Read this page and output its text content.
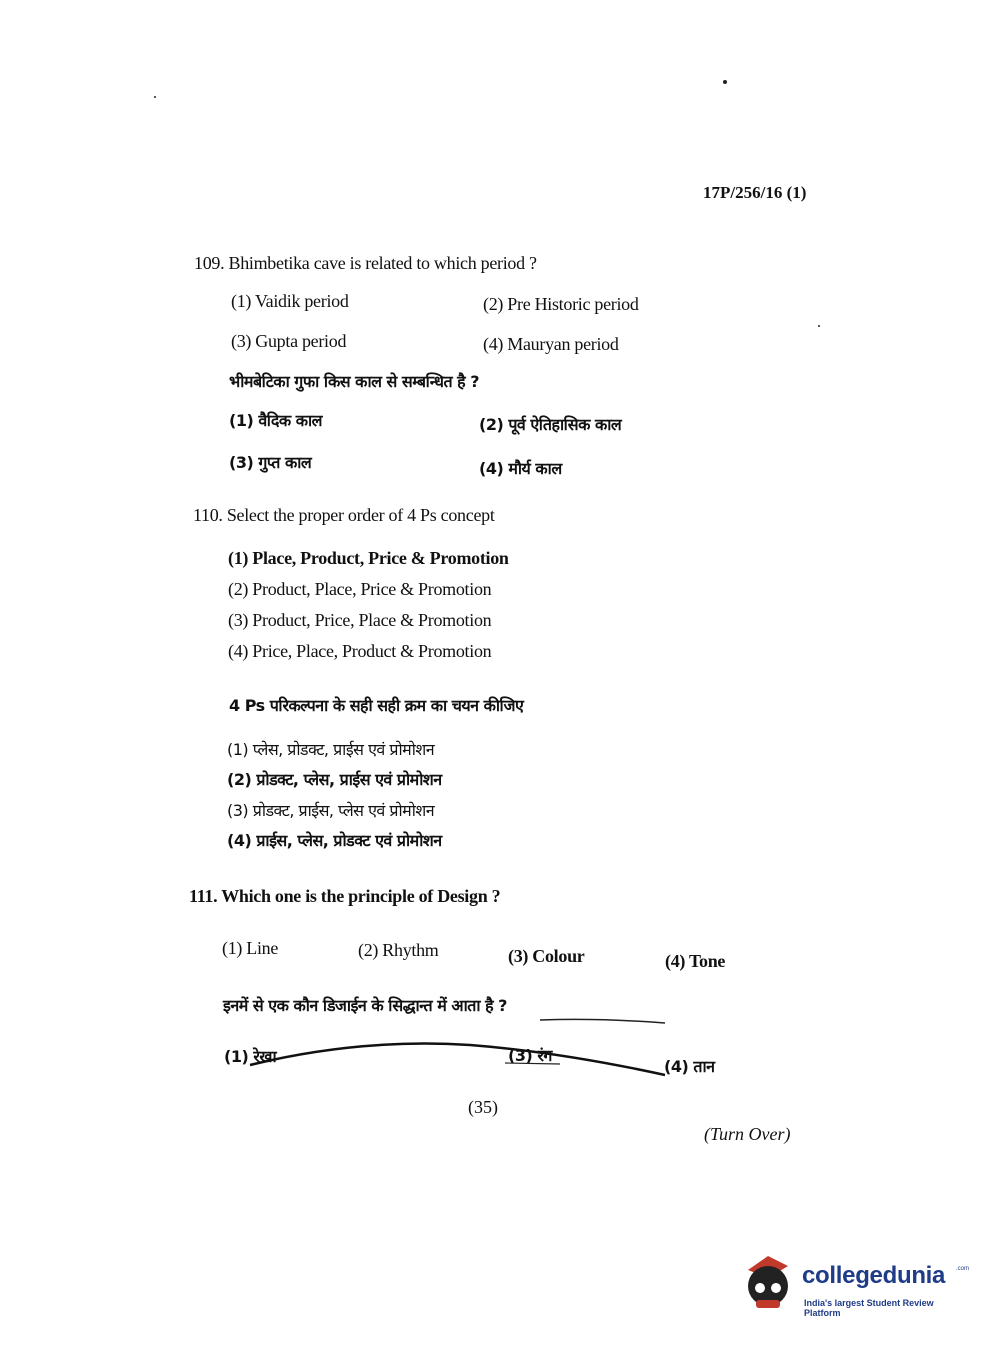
17P/256/16 (1)
109. Bhimbetika cave is related to which period ?
(1) Vaidik period	(2) Pre Historic period
(3) Gupta period	(4) Mauryan period
भीमबेटिका गुफा किस काल से सम्बन्धित है ?
(1) वैदिक काल	(2) पूर्व ऐतिहासिक काल
(3) गुप्त काल	(4) मौर्य काल
110. Select the proper order of 4 Ps concept
(1) Place, Product, Price & Promotion
(2) Product, Place, Price & Promotion
(3) Product, Price, Place & Promotion
(4) Price, Place, Product & Promotion
4 Ps परिकल्पना के सही सही क्रम का चयन कीजिए
(1) प्लेस, प्रोडक्ट, प्राईस एवं प्रोमोशन
(2) प्रोडक्ट, प्लेस, प्राईस एवं प्रोमोशन
(3) प्रोडक्ट, प्राईस, प्लेस एवं प्रोमोशन
(4) प्राईस, प्लेस, प्रोडक्ट एवं प्रोमोशन
111. Which one is the principle of Design ?
(1) Line	(2) Rhythm	(3) Colour	(4) Tone
इनमें से एक कौन डिजाईन के सिद्धान्त में आता है ?
(1) रेखा	(3) रंग
(4) तान
(35)
(Turn Over)
collegedunia .com
India's largest Student Review Platform
